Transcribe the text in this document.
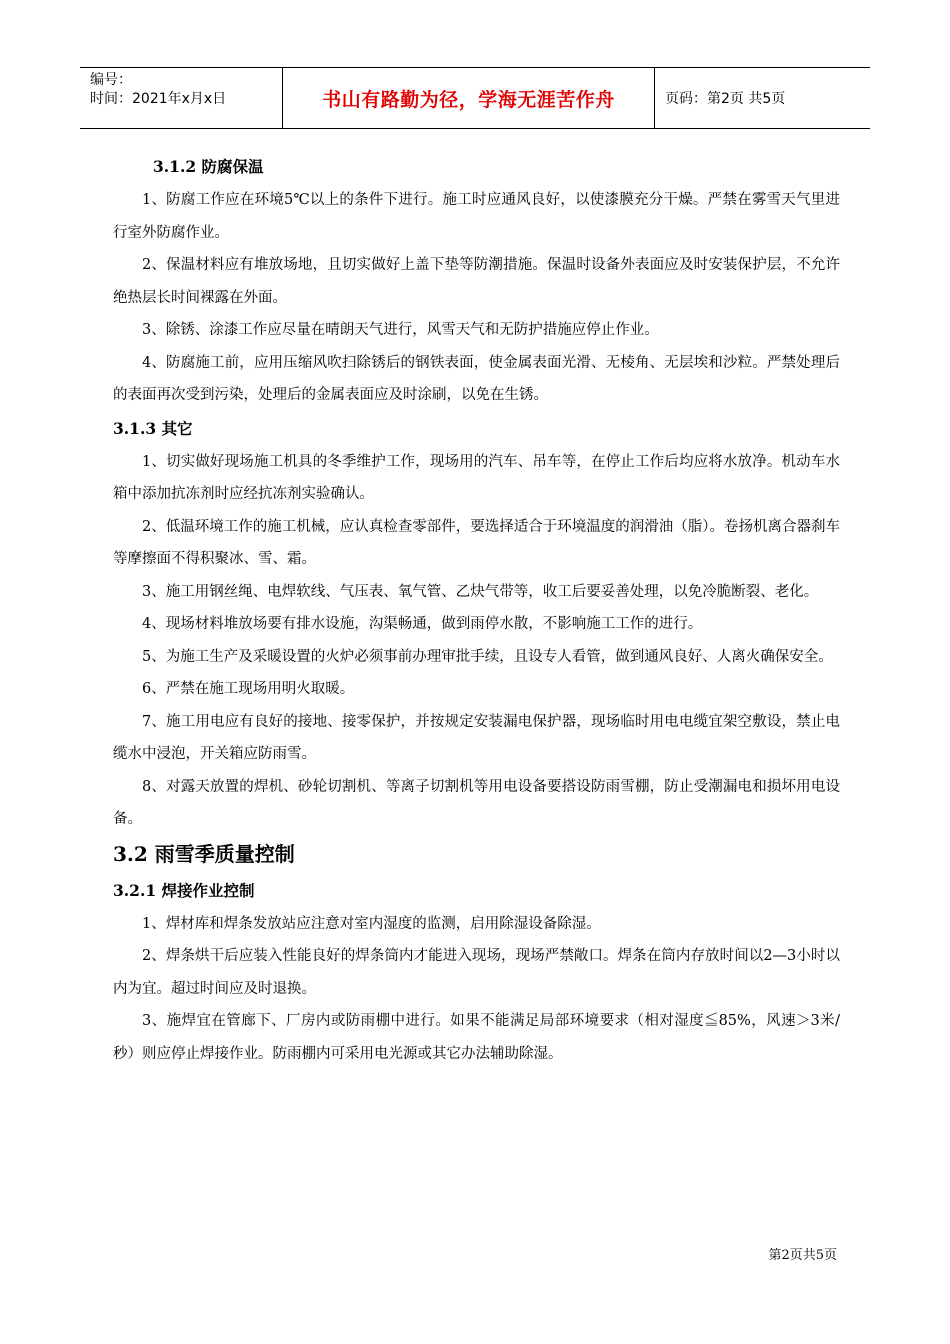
编号：
时间：2021年x月x日	书山有路勤为径，学海无涯苦作舟	页码：第2页 共5页
3.1.2 防腐保温

1、防腐工作应在环境5℃以上的条件下进行。施工时应通风良好，以使漆膜充分干燥。严禁在雾雪天气里进行室外防腐作业。

2、保温材料应有堆放场地，且切实做好上盖下垫等防潮措施。保温时设备外表面应及时安装保护层，不允许绝热层长时间裸露在外面。

3、除锈、涂漆工作应尽量在晴朗天气进行，风雪天气和无防护措施应停止作业。

4、防腐施工前，应用压缩风吹扫除锈后的钢铁表面，使金属表面光滑、无棱角、无层埃和沙粒。严禁处理后的表面再次受到污染，处理后的金属表面应及时涂刷，以免在生锈。

3.1.3 其它

1、切实做好现场施工机具的冬季维护工作，现场用的汽车、吊车等，在停止工作后均应将水放净。机动车水箱中添加抗冻剂时应经抗冻剂实验确认。

2、低温环境工作的施工机械，应认真检查零部件，要选择适合于环境温度的润滑油（脂）。卷扬机离合器刹车等摩擦面不得积聚冰、雪、霜。

3、施工用钢丝绳、电焊软线、气压表、氧气管、乙炔气带等，收工后要妥善处理，以免冷脆断裂、老化。

4、现场材料堆放场要有排水设施，沟渠畅通，做到雨停水散，不影响施工工作的进行。

5、为施工生产及采暖设置的火炉必须事前办理审批手续，且设专人看管，做到通风良好、人离火确保安全。

6、严禁在施工现场用明火取暖。

7、施工用电应有良好的接地、接零保护，并按规定安装漏电保护器，现场临时用电电缆宜架空敷设，禁止电缆水中浸泡，开关箱应防雨雪。

8、对露天放置的焊机、砂轮切割机、等离子切割机等用电设备要搭设防雨雪棚，防止受潮漏电和损坏用电设备。

3.2 雨雪季质量控制
3.2.1 焊接作业控制

1、焊材库和焊条发放站应注意对室内湿度的监测，启用除湿设备除湿。

2、焊条烘干后应装入性能良好的焊条筒内才能进入现场，现场严禁敞口。焊条在筒内存放时间以2—3小时以内为宜。超过时间应及时退换。

3、施焊宜在管廊下、厂房内或防雨棚中进行。如果不能满足局部环境要求（相对湿度≦85%，风速＞3米/秒）则应停止焊接作业。防雨棚内可采用电光源或其它办法辅助除湿。

第2页共5页
